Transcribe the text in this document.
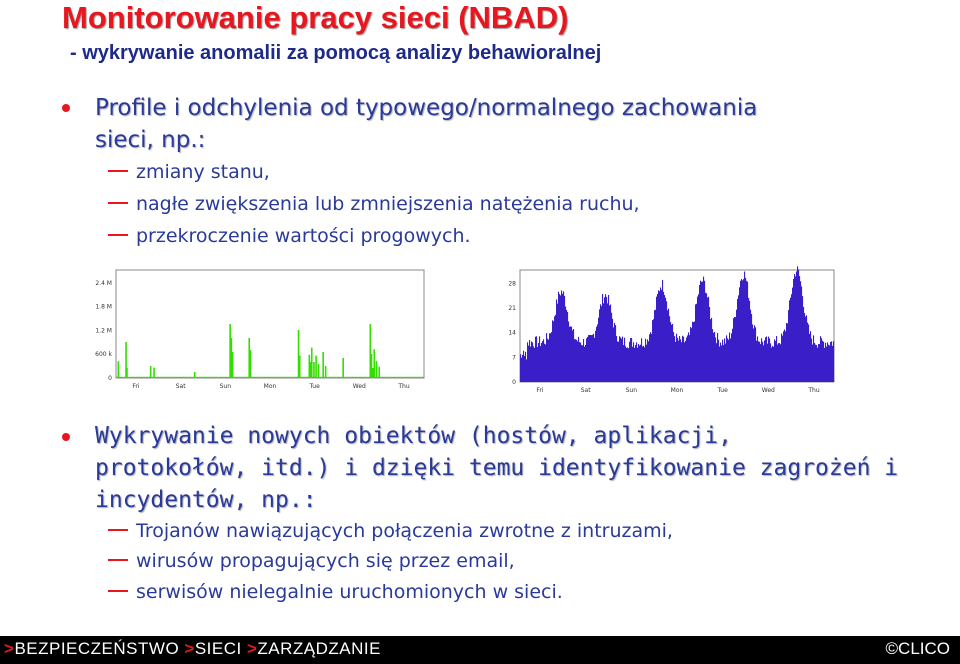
Monitorowanie pracy sieci (NBAD)
- wykrywanie anomalii za pomocą analizy behawioralnej
Profile i odchylenia od typowego/normalnego zachowania
sieci, np.:
zmiany stanu,
nagłe zwiększenia lub zmniejszenia natężenia ruchu,
przekroczenie wartości progowych.
0
600 k
1.2 M
1.8 M
2.4 M
Fri	Sat	Sun	Mon	Tue	Wed	Thu
0
7
14
21
28
Fri	Sat	Sun	Mon	Tue	Wed	Thu
Wykrywanie nowych obiektów (hostów, aplikacji,
protokołów, itd.) i dzięki temu identyfikowanie zagrożeń i
incydentów, np.:
Trojanów nawiązujących połączenia zwrotne z intruzami,
wirusów propagujących się przez email,
serwisów nielegalnie uruchomionych w sieci.
>BEZPIECZEŃSTWO >SIECI >ZARZĄDZANIE	©CLICO
